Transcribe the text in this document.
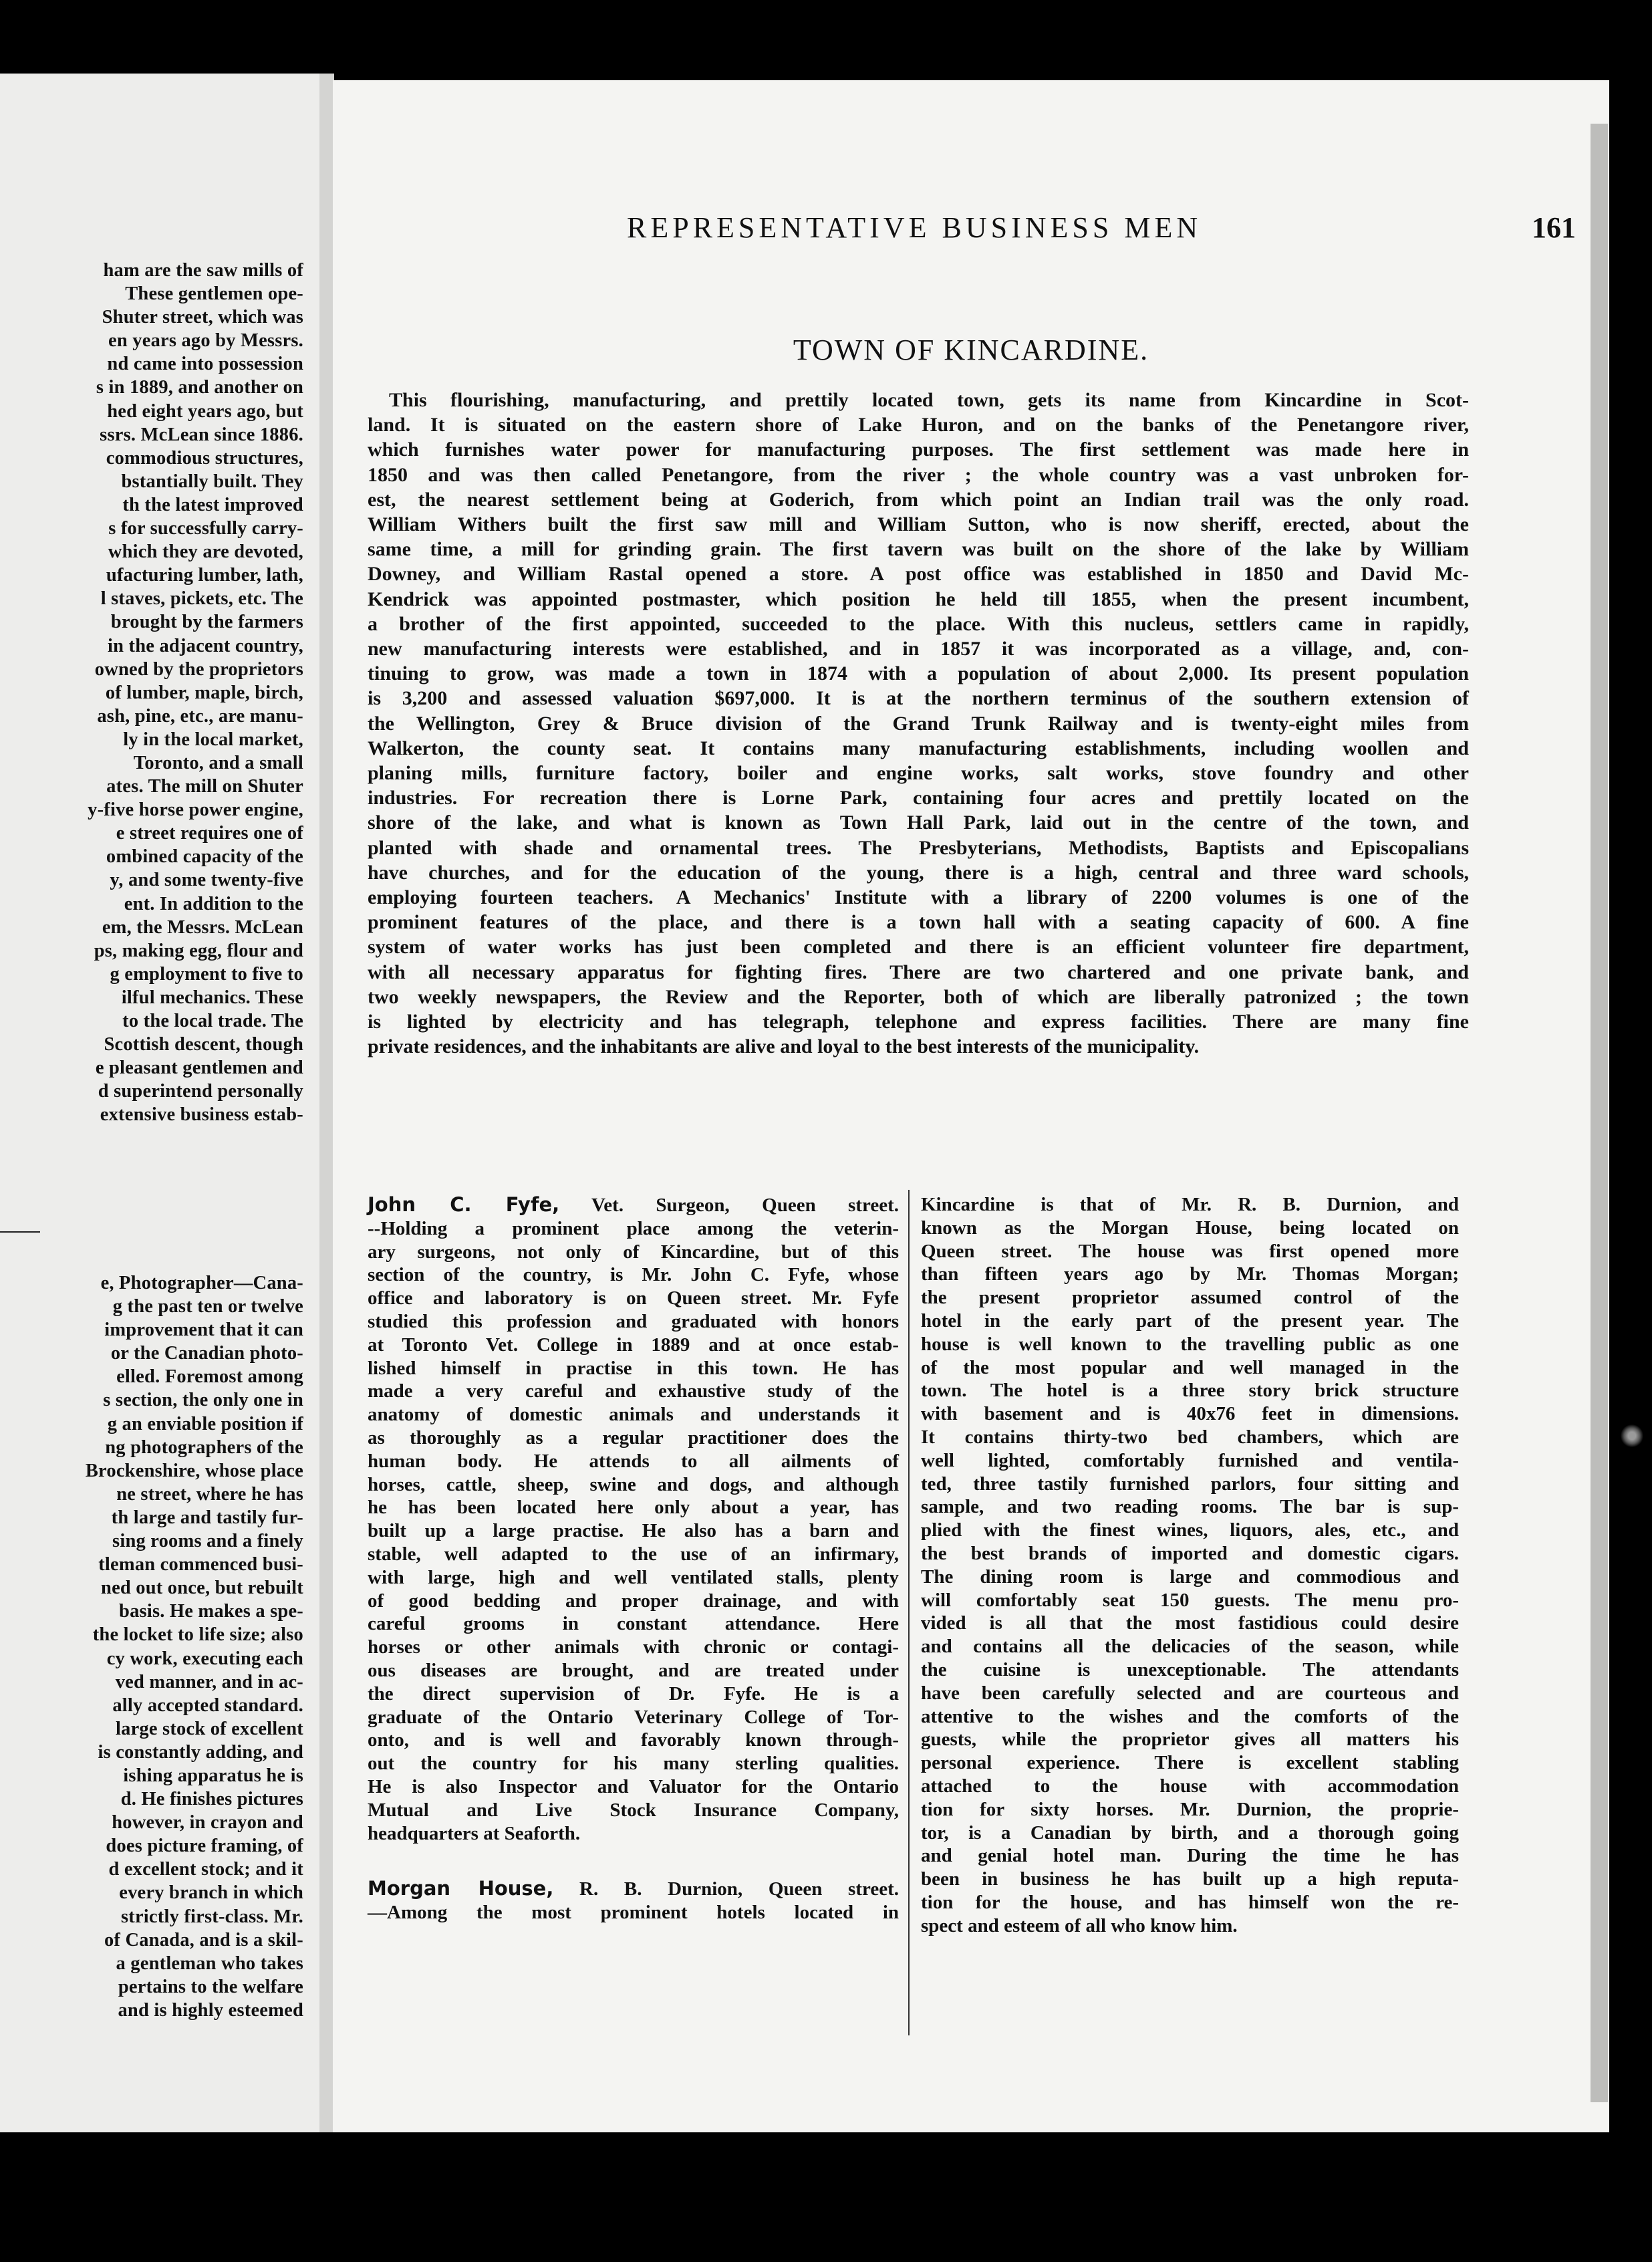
ham are the saw mills of
These gentlemen ope-
Shuter street, which was
en years ago by Messrs.
nd came into possession
s in 1889, and another on
hed eight years ago, but
ssrs. McLean since 1886.
commodious structures,
bstantially built. They
th the latest improved
s for successfully carry-
which they are devoted,
ufacturing lumber, lath,
l staves, pickets, etc. The
brought by the farmers
in the adjacent country,
owned by the proprietors
of lumber, maple, birch,
ash, pine, etc., are manu-
ly in the local market,
Toronto, and a small
ates. The mill on Shuter
y-five horse power engine,
e street requires one of
ombined capacity of the
y, and some twenty-five
ent. In addition to the
em, the Messrs. McLean
ps, making egg, flour and
g employment to five to
ilful mechanics. These
to the local trade. The
Scottish descent, though
e pleasant gentlemen and
d superintend personally
extensive business estab-
e, Photographer—Cana-
g the past ten or twelve
improvement that it can
or the Canadian photo-
elled. Foremost among
s section, the only one in
g an enviable position if
ng photographers of the
Brockenshire, whose place
ne street, where he has
th large and tastily fur-
sing rooms and a finely
tleman commenced busi-
ned out once, but rebuilt
basis. He makes a spe-
the locket to life size; also
cy work, executing each
ved manner, and in ac-
ally accepted standard.
large stock of excellent
is constantly adding, and
ishing apparatus he is
d. He finishes pictures
however, in crayon and
does picture framing, of
d excellent stock; and it
every branch in which
strictly first-class. Mr.
of Canada, and is a skil-
a gentleman who takes
pertains to the welfare
and is highly esteemed
REPRESENTATIVE BUSINESS MEN	161
TOWN OF KINCARDINE.
This flourishing, manufacturing, and prettily located town, gets its name from Kincardine in Scot-
land. It is situated on the eastern shore of Lake Huron, and on the banks of the Penetangore river,
which furnishes water power for manufacturing purposes. The first settlement was made here in
1850 and was then called Penetangore, from the river ; the whole country was a vast unbroken for-
est, the nearest settlement being at Goderich, from which point an Indian trail was the only road.
William Withers built the first saw mill and William Sutton, who is now sheriff, erected, about the
same time, a mill for grinding grain. The first tavern was built on the shore of the lake by William
Downey, and William Rastal opened a store. A post office was established in 1850 and David Mc-
Kendrick was appointed postmaster, which position he held till 1855, when the present incumbent,
a brother of the first appointed, succeeded to the place. With this nucleus, settlers came in rapidly,
new manufacturing interests were established, and in 1857 it was incorporated as a village, and, con-
tinuing to grow, was made a town in 1874 with a population of about 2,000. Its present population
is 3,200 and assessed valuation $697,000. It is at the northern terminus of the southern extension of
the Wellington, Grey & Bruce division of the Grand Trunk Railway and is twenty-eight miles from
Walkerton, the county seat. It contains many manufacturing establishments, including woollen and
planing mills, furniture factory, boiler and engine works, salt works, stove foundry and other
industries. For recreation there is Lorne Park, containing four acres and prettily located on the
shore of the lake, and what is known as Town Hall Park, laid out in the centre of the town, and
planted with shade and ornamental trees. The Presbyterians, Methodists, Baptists and Episcopalians
have churches, and for the education of the young, there is a high, central and three ward schools,
employing fourteen teachers. A Mechanics' Institute with a library of 2200 volumes is one of the
prominent features of the place, and there is a town hall with a seating capacity of 600. A fine
system of water works has just been completed and there is an efficient volunteer fire department,
with all necessary apparatus for fighting fires. There are two chartered and one private bank, and
two weekly newspapers, the Review and the Reporter, both of which are liberally patronized ; the town
is lighted by electricity and has telegraph, telephone and express facilities. There are many fine
private residences, and the inhabitants are alive and loyal to the best interests of the municipality.
John C. Fyfe, Vet. Surgeon, Queen street.
--Holding a prominent place among the veterin-
ary surgeons, not only of Kincardine, but of this
section of the country, is Mr. John C. Fyfe, whose
office and laboratory is on Queen street. Mr. Fyfe
studied this profession and graduated with honors
at Toronto Vet. College in 1889 and at once estab-
lished himself in practise in this town. He has
made a very careful and exhaustive study of the
anatomy of domestic animals and understands it
as thoroughly as a regular practitioner does the
human body. He attends to all ailments of
horses, cattle, sheep, swine and dogs, and although
he has been located here only about a year, has
built up a large practise. He also has a barn and
stable, well adapted to the use of an infirmary,
with large, high and well ventilated stalls, plenty
of good bedding and proper drainage, and with
careful grooms in constant attendance. Here
horses or other animals with chronic or contagi-
ous diseases are brought, and are treated under
the direct supervision of Dr. Fyfe. He is a
graduate of the Ontario Veterinary College of Tor-
onto, and is well and favorably known through-
out the country for his many sterling qualities.
He is also Inspector and Valuator for the Ontario
Mutual and Live Stock Insurance Company,
headquarters at Seaforth.
Morgan House, R. B. Durnion, Queen street.
—Among the most prominent hotels located in
Kincardine is that of Mr. R. B. Durnion, and
known as the Morgan House, being located on
Queen street. The house was first opened more
than fifteen years ago by Mr. Thomas Morgan;
the present proprietor assumed control of the
hotel in the early part of the present year. The
house is well known to the travelling public as one
of the most popular and well managed in the
town. The hotel is a three story brick structure
with basement and is 40x76 feet in dimensions.
It contains thirty-two bed chambers, which are
well lighted, comfortably furnished and ventila-
ted, three tastily furnished parlors, four sitting and
sample, and two reading rooms. The bar is sup-
plied with the finest wines, liquors, ales, etc., and
the best brands of imported and domestic cigars.
The dining room is large and commodious and
will comfortably seat 150 guests. The menu pro-
vided is all that the most fastidious could desire
and contains all the delicacies of the season, while
the cuisine is unexceptionable. The attendants
have been carefully selected and are courteous and
attentive to the wishes and the comforts of the
guests, while the proprietor gives all matters his
personal experience. There is excellent stabling
attached to the house with accommodation
tion for sixty horses. Mr. Durnion, the proprie-
tor, is a Canadian by birth, and a thorough going
and genial hotel man. During the time he has
been in business he has built up a high reputa-
tion for the house, and has himself won the re-
spect and esteem of all who know him.
